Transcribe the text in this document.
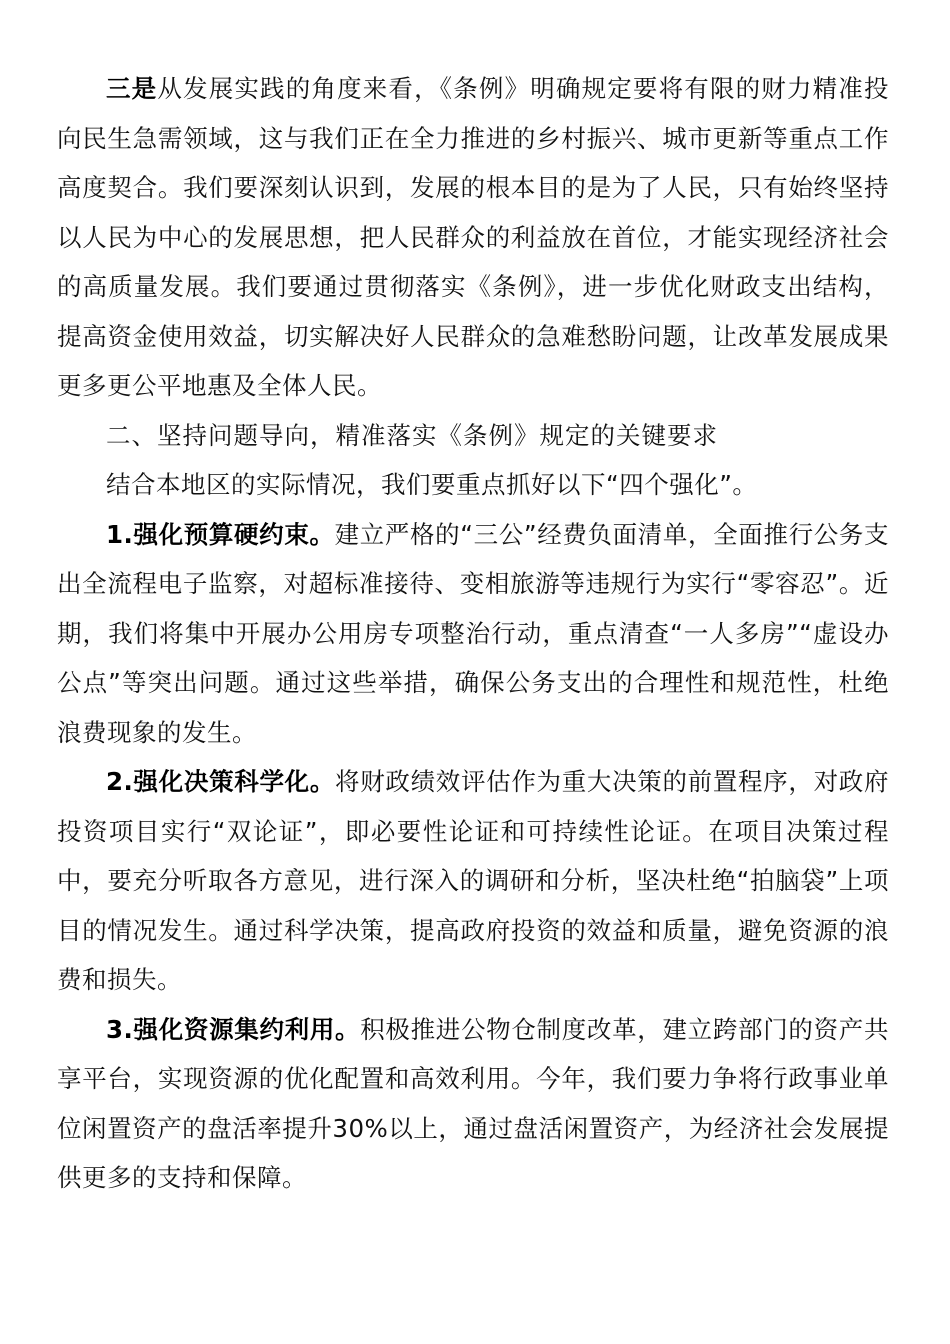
三是从发展实践的角度来看，《条例》明确规定要将有限的财力精准投向民生急需领域，这与我们正在全力推进的乡村振兴、城市更新等重点工作高度契合。我们要深刻认识到，发展的根本目的是为了人民，只有始终坚持以人民为中心的发展思想，把人民群众的利益放在首位，才能实现经济社会的高质量发展。我们要通过贯彻落实《条例》，进一步优化财政支出结构，提高资金使用效益，切实解决好人民群众的急难愁盼问题，让改革发展成果更多更公平地惠及全体人民。

二、坚持问题导向，精准落实《条例》规定的关键要求

结合本地区的实际情况，我们要重点抓好以下“四个强化”。

1.强化预算硬约束。建立严格的“三公”经费负面清单，全面推行公务支出全流程电子监察，对超标准接待、变相旅游等违规行为实行“零容忍”。近期，我们将集中开展办公用房专项整治行动，重点清查“一人多房”“虚设办公点”等突出问题。通过这些举措，确保公务支出的合理性和规范性，杜绝浪费现象的发生。

2.强化决策科学化。将财政绩效评估作为重大决策的前置程序，对政府投资项目实行“双论证”，即必要性论证和可持续性论证。在项目决策过程中，要充分听取各方意见，进行深入的调研和分析，坚决杜绝“拍脑袋”上项目的情况发生。通过科学决策，提高政府投资的效益和质量，避免资源的浪费和损失。

3.强化资源集约利用。积极推进公物仓制度改革，建立跨部门的资产共享平台，实现资源的优化配置和高效利用。今年，我们要力争将行政事业单位闲置资产的盘活率提升30%以上，通过盘活闲置资产，为经济社会发展提供更多的支持和保障。
